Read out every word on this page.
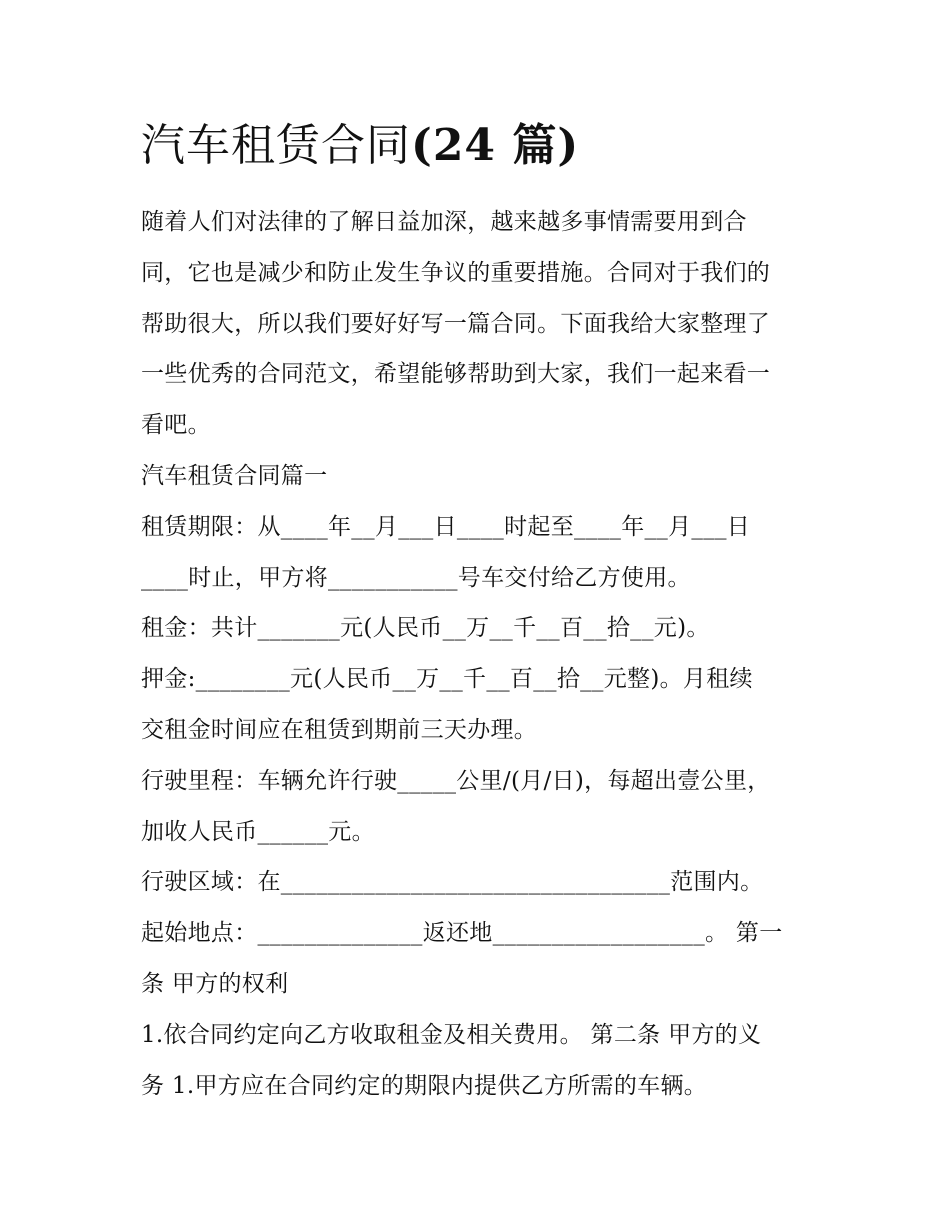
汽车租赁合同(24 篇)
随着人们对法律的了解日益加深，越来越多事情需要用到合
同，它也是减少和防止发生争议的重要措施。合同对于我们的
帮助很大，所以我们要好好写一篇合同。下面我给大家整理了
一些优秀的合同范文，希望能够帮助到大家，我们一起来看一
看吧。
汽车租赁合同篇一
租赁期限：从____年__月___日____时起至____年__月___日
____时止，甲方将___________号车交付给乙方使用。
租金：共计_______元(人民币__万__千__百__拾__元)。
押金:________元(人民币__万__千__百__拾__元整)。月租续
交租金时间应在租赁到期前三天办理。
行驶里程：车辆允许行驶_____公里/(月/日)，每超出壹公里，
加收人民币______元。
行驶区域：在_________________________________范围内。
起始地点：______________返还地__________________。 第一
条 甲方的权利
1.依合同约定向乙方收取租金及相关费用。 第二条 甲方的义
务 1.甲方应在合同约定的期限内提供乙方所需的车辆。
